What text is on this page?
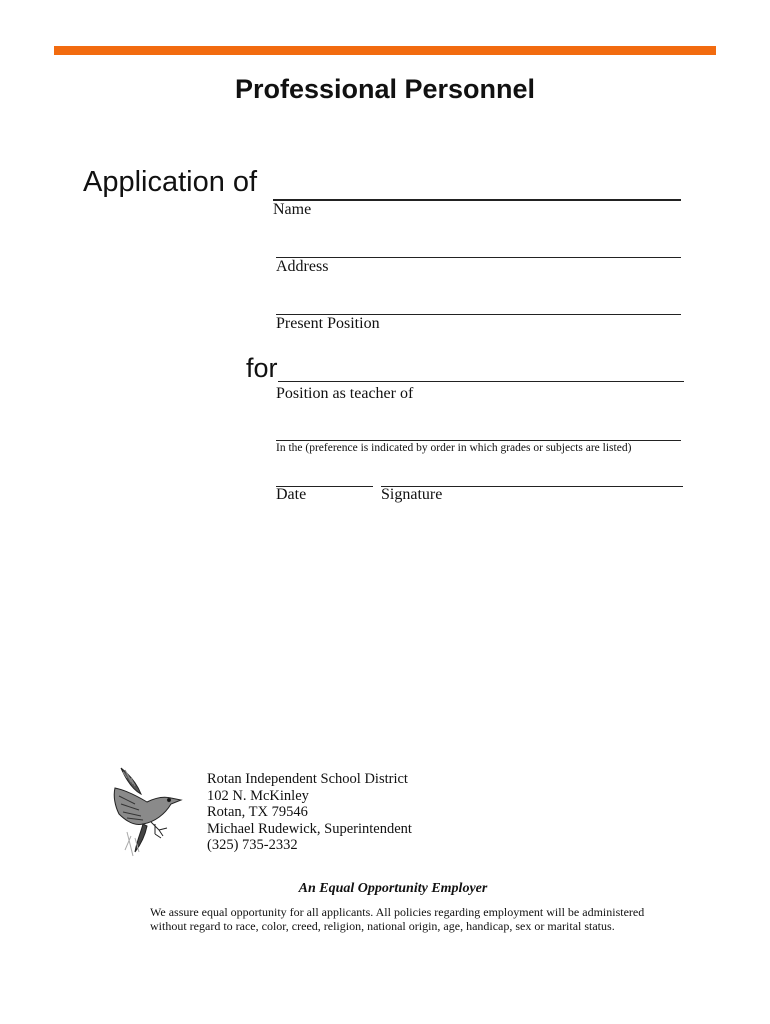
Professional Personnel
Application of
Name
Address
Present Position
for
Position as teacher of
In the (preference is indicated by order in which grades or subjects are listed)
Date	Signature
Rotan Independent School District
102 N. McKinley
Rotan, TX 79546
Michael Rudewick, Superintendent
(325) 735-2332
An Equal Opportunity Employer
We assure equal opportunity for all applicants. All policies regarding employment will be administered without regard to race, color, creed, religion, national origin, age, handicap, sex or marital status.
